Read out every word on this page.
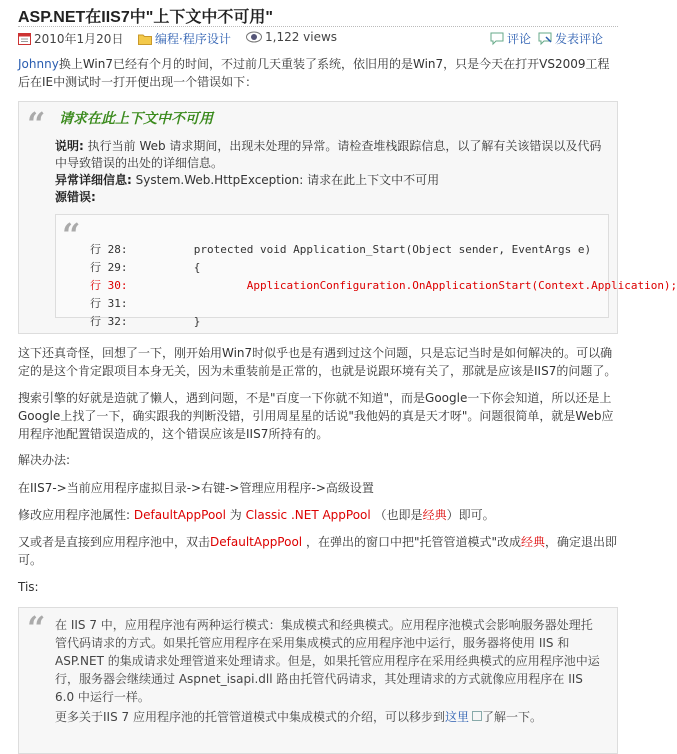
ASP.NET在IIS7中"上下文中不可用"
2010年1月20日	编程·程序设计	1,122 views	评论	发表评论

Johnny换上Win7已经有个月的时间，不过前几天重装了系统，依旧用的是Win7，只是今天在打开VS2009工程后在IE中测试时一打开便出现一个错误如下：

“ 请求在此上下文中不可用
说明: 执行当前 Web 请求期间，出现未处理的异常。请检查堆栈跟踪信息，以了解有关该错误以及代码中导致错误的出处的详细信息。
异常详细信息: System.Web.HttpException: 请求在此上下文中不可用
源错误:
“ 行 28:	protected void Application_Start(Object sender, EventArgs e)
行 29:	{
行 30:	ApplicationConfiguration.OnApplicationStart(Context.Application);
行 31:
行 32:	}

这下还真奇怪，回想了一下，刚开始用Win7时似乎也是有遇到过这个问题，只是忘记当时是如何解决的。可以确定的是这个肯定跟项目本身无关，因为未重装前是正常的，也就是说跟环境有关了，那就是应该是IIS7的问题了。

搜索引擎的好就是造就了懒人，遇到问题，不是"百度一下你就不知道"，而是Google一下你会知道，所以还是上Google上找了一下，确实跟我的判断没错，引用周星星的话说"我他妈的真是天才呀"。问题很简单，就是Web应用程序池配置错误造成的，这个错误应该是IIS7所持有的。

解决办法:

在IIS7->当前应用程序虚拟目录->右键->管理应用程序->高级设置

修改应用程序池属性: DefaultAppPool 为 Classic .NET AppPool （也即是经典）即可。

又或者是直接到应用程序池中，双击DefaultAppPool ，在弹出的窗口中把"托管管道模式"改成经典，确定退出即可。

Tis:

“ 在 IIS 7 中，应用程序池有两种运行模式：集成模式和经典模式。应用程序池模式会影响服务器处理托管代码请求的方式。如果托管应用程序在采用集成模式的应用程序池中运行，服务器将使用 IIS 和 ASP.NET 的集成请求处理管道来处理请求。但是，如果托管应用程序在采用经典模式的应用程序池中运行，服务器会继续通过 Aspnet_isapi.dll 路由托管代码请求，其处理请求的方式就像应用程序在 IIS 6.0 中运行一样。
更多关于IIS 7 应用程序池的托管管道模式中集成模式的介绍，可以移步到这里 了解一下。
